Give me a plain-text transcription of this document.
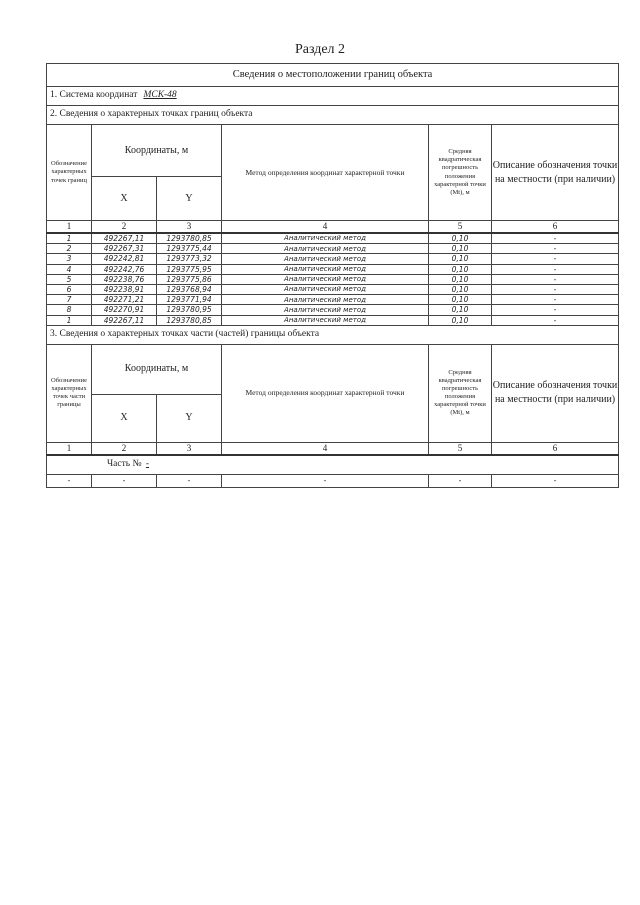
Раздел 2
Сведения о местоположении границ объекта					
1. Система координат МСК-48					
2. Сведения о характерных точках границ объекта					
Обозначение характерных точек границ	Координаты, м		Метод определения координат характерной точки	Средняя квадратическая погрешность положения характерной точки (Mt), м	Описание обозначения точки на местности (при наличии)
	X	Y			
1	2	3	4	5	6
1	492267,11	1293780,85	Аналитический метод	0,10	-
2	492267,31	1293775,44	Аналитический метод	0,10	-
3	492242,81	1293773,32	Аналитический метод	0,10	-
4	492242,76	1293775,95	Аналитический метод	0,10	-
5	492238,76	1293775,86	Аналитический метод	0,10	-
6	492238,91	1293768,94	Аналитический метод	0,10	-
7	492271,21	1293771,94	Аналитический метод	0,10	-
8	492270,91	1293780,95	Аналитический метод	0,10	-
1	492267,11	1293780,85	Аналитический метод	0,10	-
3. Сведения о характерных точках части (частей) границы объекта					
Обозначение характерных точек части границы	Координаты, м		Метод определения координат характерной точки	Средняя квадратическая погрешность положения характерной точки (Mt), м	Описание обозначения точки на местности (при наличии)
	X	Y			
1	2	3	4	5	6
Часть № -					
-	-	-	-	-	-
